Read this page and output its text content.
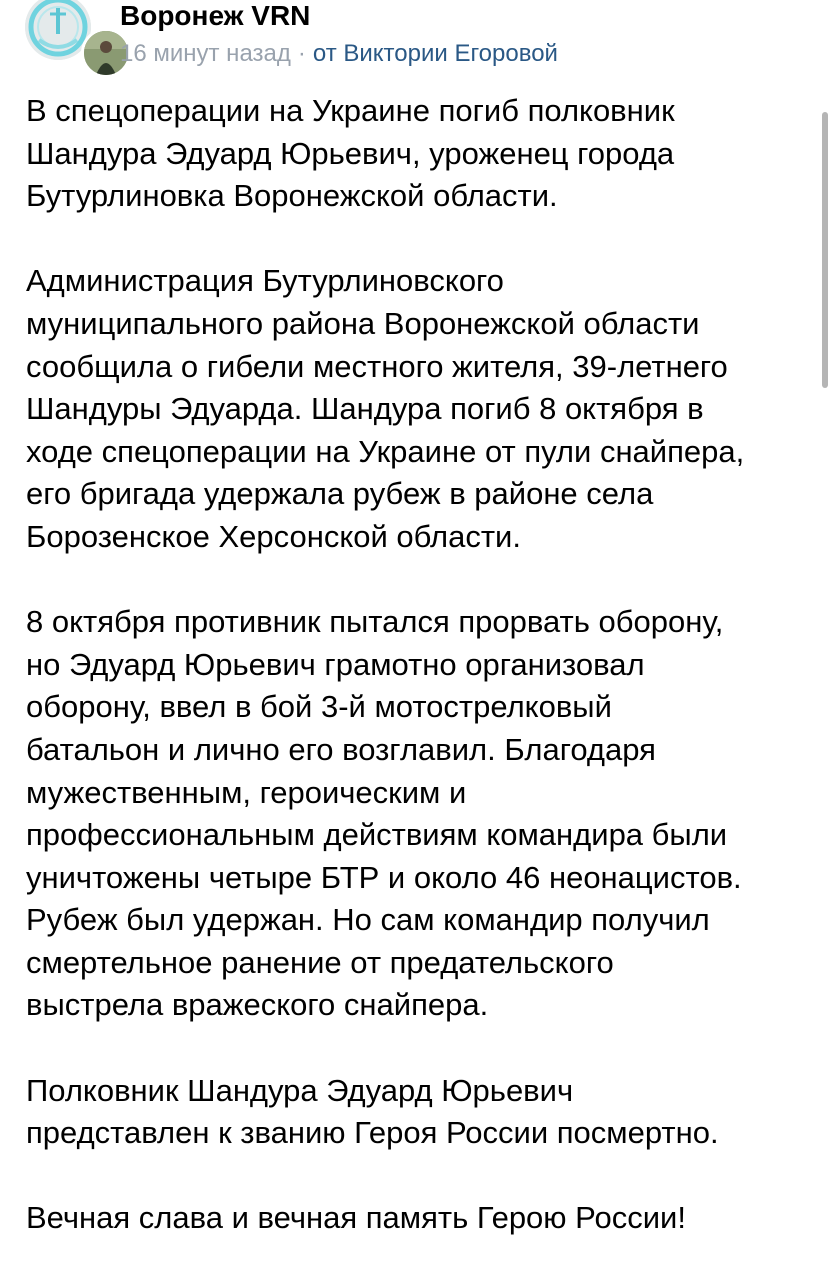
Воронеж VRN
16 минут назад · от Виктории Егоровой

В спецоперации на Украине погиб полковник
Шандура Эдуард Юрьевич, уроженец города
Бутурлиновка Воронежской области.

Администрация Бутурлиновского
муниципального района Воронежской области
сообщила о гибели местного жителя, 39-летнего
Шандуры Эдуарда. Шандура погиб 8 октября в
ходе спецоперации на Украине от пули снайпера,
его бригада удержала рубеж в районе села
Борозенское Херсонской области.

8 октября противник пытался прорвать оборону,
но Эдуард Юрьевич грамотно организовал
оборону, ввел в бой 3-й мотострелковый
батальон и лично его возглавил. Благодаря
мужественным, героическим и
профессиональным действиям командира были
уничтожены четыре БТР и около 46 неонацистов.
Рубеж был удержан. Но сам командир получил
смертельное ранение от предательского
выстрела вражеского снайпера.

Полковник Шандура Эдуард Юрьевич
представлен к званию Героя России посмертно.

Вечная слава и вечная память Герою России!
